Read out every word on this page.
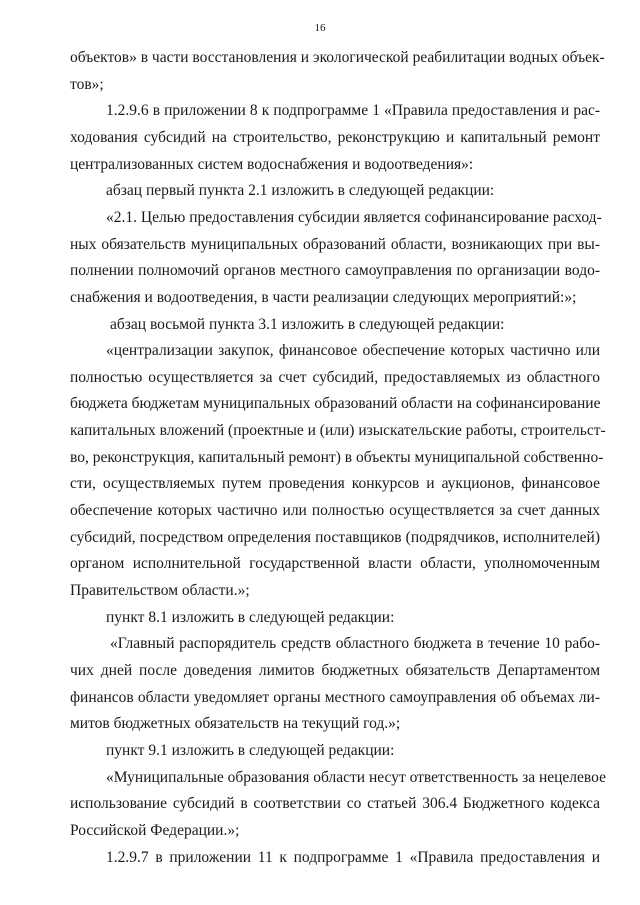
16
объектов» в части восстановления и экологической реабилитации водных объек-
тов»;
1.2.9.6 в приложении 8 к подпрограмме 1 «Правила предоставления и рас-
ходования субсидий на строительство, реконструкцию и капитальный ремонт
централизованных систем водоснабжения и водоотведения»:
абзац первый пункта 2.1 изложить в следующей редакции:
«2.1. Целью предоставления субсидии является софинансирование расход-
ных обязательств муниципальных образований области, возникающих при вы-
полнении полномочий органов местного самоуправления по организации водо-
снабжения и водоотведения, в части реализации следующих мероприятий:»;
абзац восьмой пункта 3.1 изложить в следующей редакции:
«централизации закупок, финансовое обеспечение которых частично или
полностью осуществляется за счет субсидий, предоставляемых из областного
бюджета бюджетам муниципальных образований области на софинансирование
капитальных вложений (проектные и (или) изыскательские работы, строительст-
во, реконструкция, капитальный ремонт) в объекты муниципальной собственно-
сти, осуществляемых путем проведения конкурсов и аукционов, финансовое
обеспечение которых частично или полностью осуществляется за счет данных
субсидий, посредством определения поставщиков (подрядчиков, исполнителей)
органом исполнительной государственной власти области, уполномоченным
Правительством области.»;
пункт 8.1 изложить в следующей редакции:
«Главный распорядитель средств областного бюджета в течение 10 рабо-
чих дней после доведения лимитов бюджетных обязательств Департаментом
финансов области уведомляет органы местного самоуправления об объемах ли-
митов бюджетных обязательств на текущий год.»;
пункт 9.1 изложить в следующей редакции:
«Муниципальные образования области несут ответственность за нецелевое
использование субсидий в соответствии со статьей 306.4 Бюджетного кодекса
Российской Федерации.»;
1.2.9.7 в приложении 11 к подпрограмме 1 «Правила предоставления и
